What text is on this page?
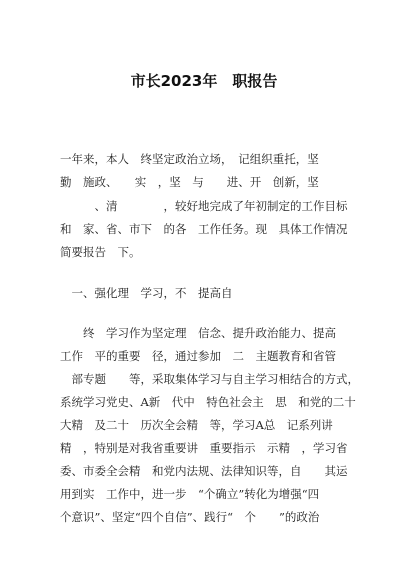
市长2023年　职报告
一年来，本人　终坚定政治立场，　记组织重托，坚
勤　施政、　　实　，坚　与　　进、开　创新，坚
　　　、清　　　　，较好地完成了年初制定的工作目标
和　家、省、市下　的各　工作任务。现　具体工作情况
简要报告　下。
　一、强化理　学习，不　提高自
　　终　学习作为坚定理　信念、提升政治能力、提高
工作　平的重要　径，通过参加　二　主题教育和省管
　部专题　　等，采取集体学习与自主学习相结合的方式，
系统学习党史、A新　代中　特色社会主　思　和党的二十
大精　及二十　历次全会精　等，学习A总　记系列讲
精　，特别是对我省重要讲　重要指示　示精　，学习省
委、市委全会精　和党内法规、法律知识等，自　　其运
用到实　工作中，进一步　“个确立”转化为增强“四
个意识”、坚定“四个自信”、践行“　个　　”的政治
